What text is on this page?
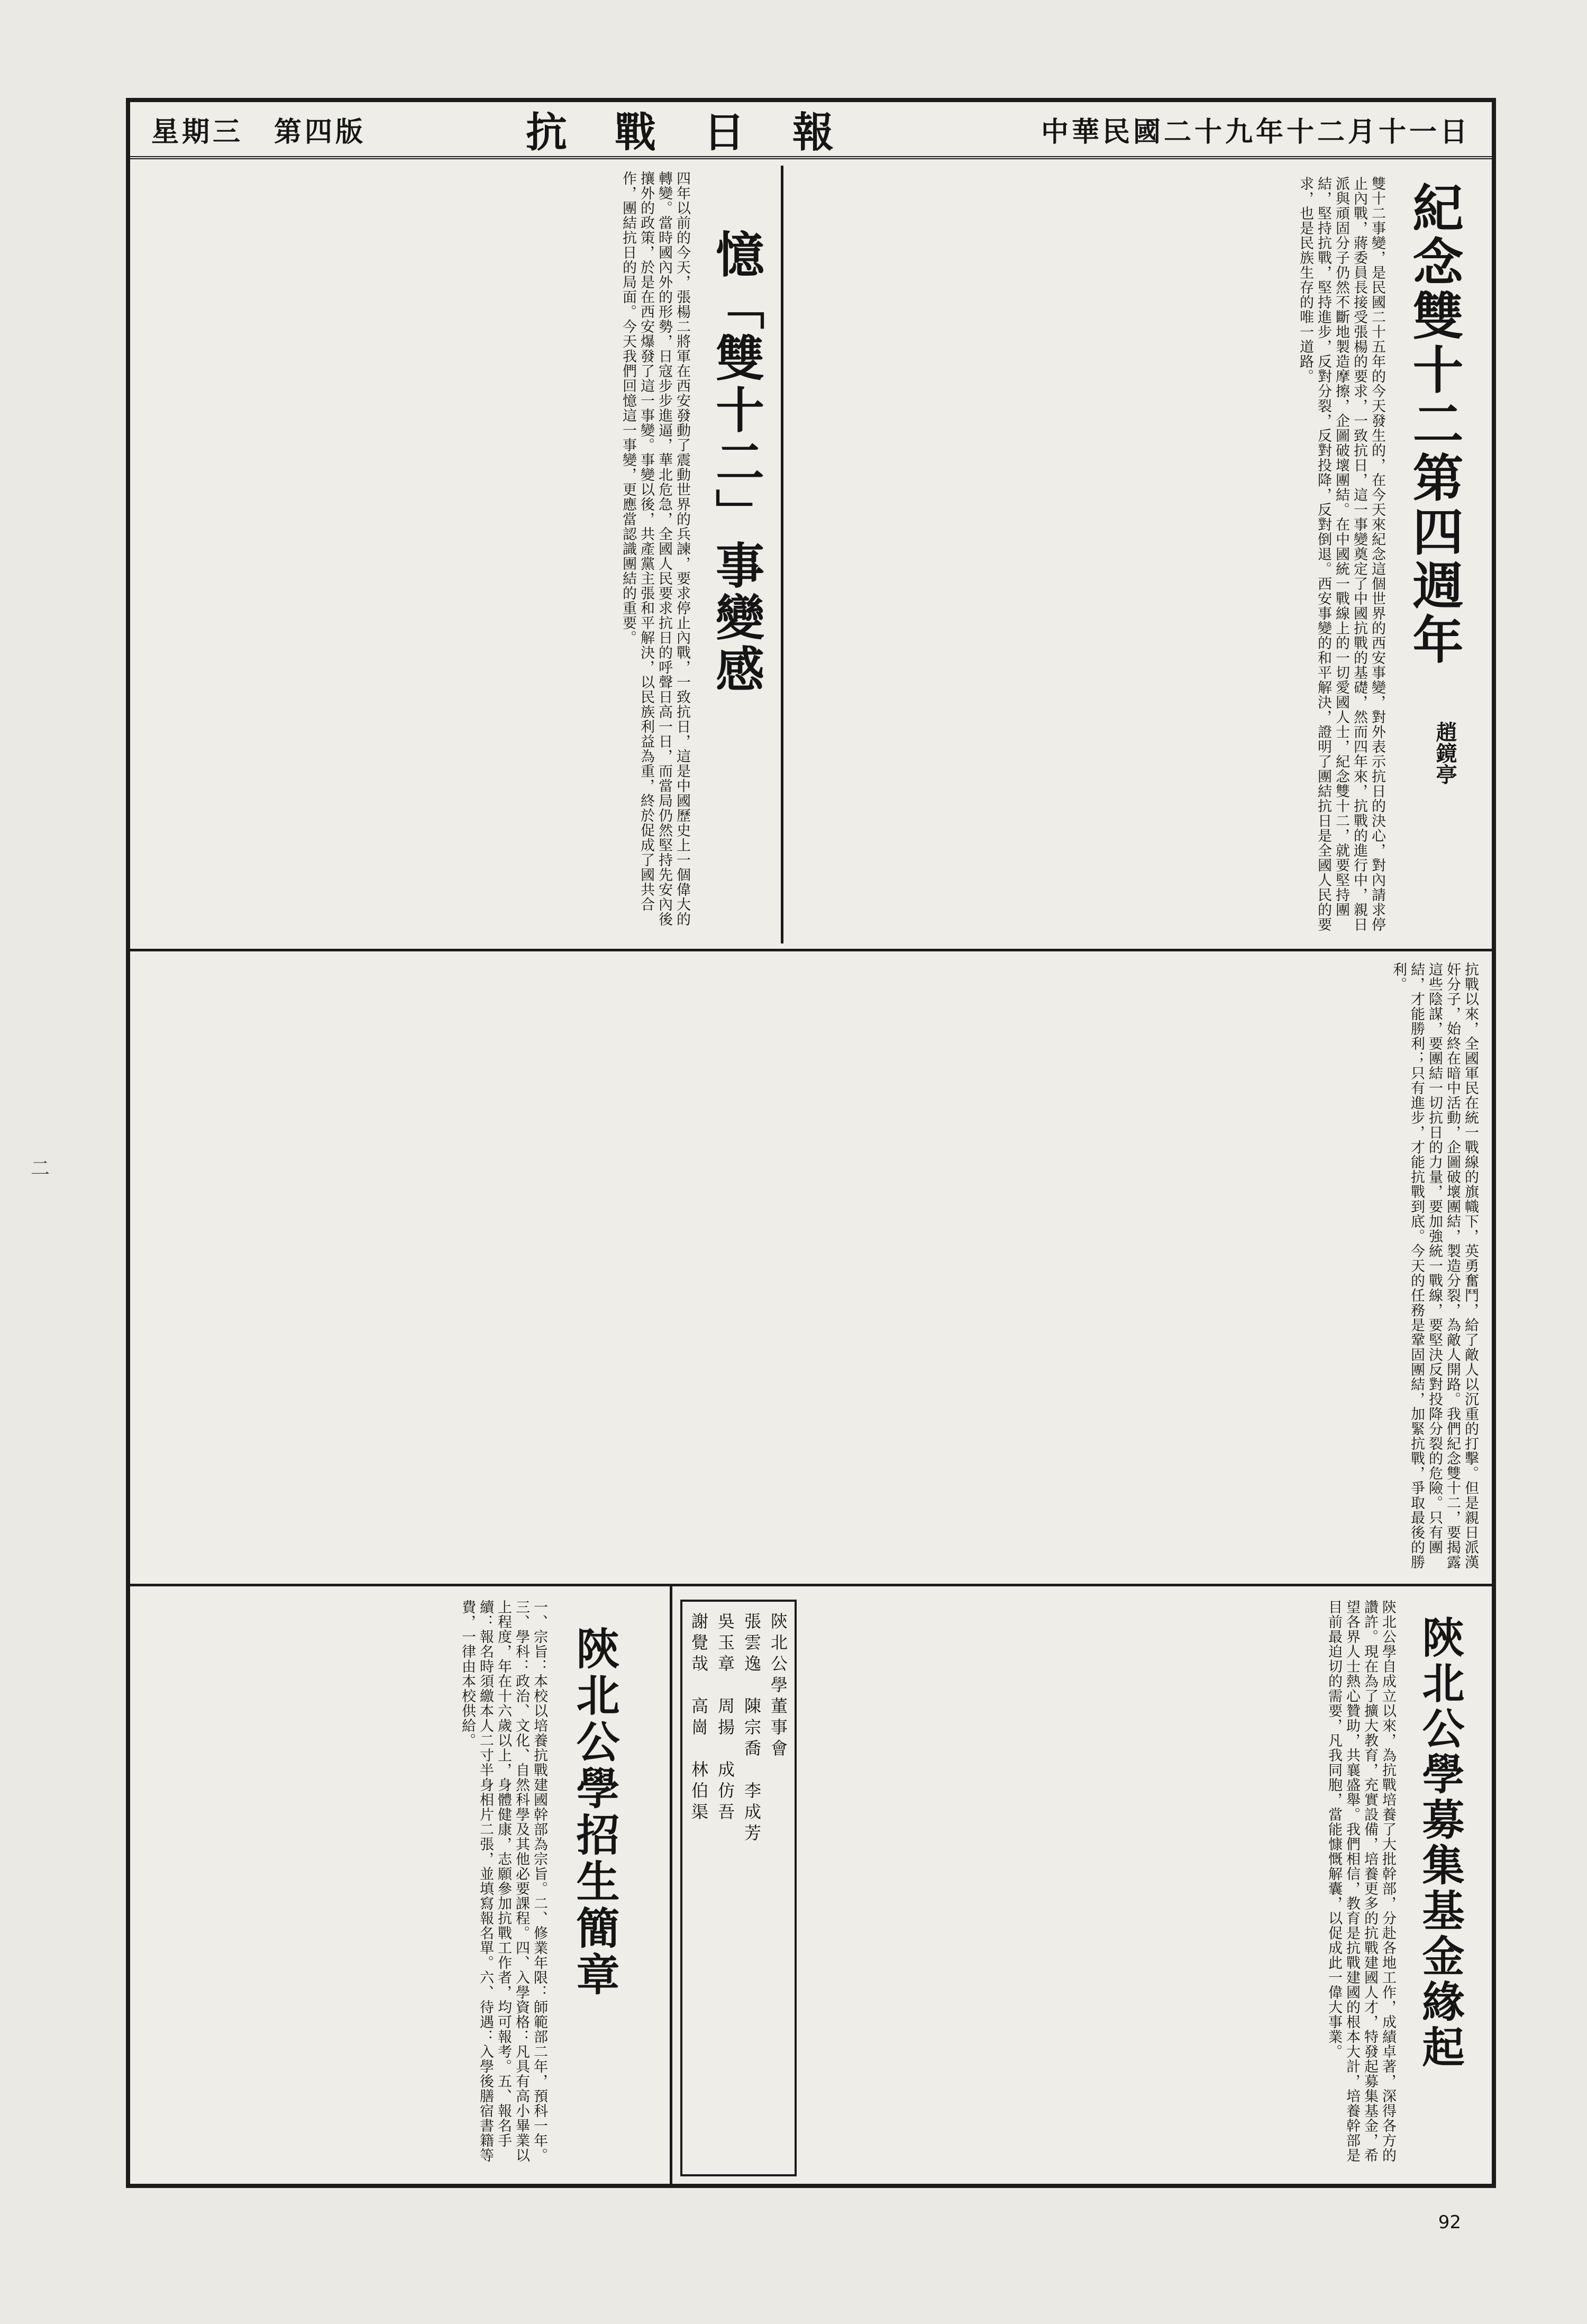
二
星期三　第四版	抗戰日報	中華民國二十九年十二月十一日
紀念雙十二第四週年
趙鏡亭
雙十二事變，是民國二十五年的今天發生的，在今天來紀念這個世界的西安事變，對外表示抗日的決心，對內請求停止內戰，蔣委員長接受張楊的要求，一致抗日，這一事變奠定了中國抗戰的基礎，然而四年來，抗戰的進行中，親日派與頑固分子仍然不斷地製造摩擦，企圖破壞團結。在中國統一戰線上的一切愛國人士，紀念雙十二，就要堅持團結，堅持抗戰，堅持進步，反對分裂，反對投降，反對倒退。西安事變的和平解決，證明了團結抗日是全國人民的要求，也是民族生存的唯一道路。
憶「雙十二」事變感
四年以前的今天，張楊二將軍在西安發動了震動世界的兵諫，要求停止內戰，一致抗日，這是中國歷史上一個偉大的轉變。當時國內外的形勢，日寇步步進逼，華北危急，全國人民要求抗日的呼聲日高一日，而當局仍然堅持先安內後攘外的政策，於是在西安爆發了這一事變。事變以後，共產黨主張和平解決，以民族利益為重，終於促成了國共合作，團結抗日的局面。今天我們回憶這一事變，更應當認識團結的重要。
抗戰以來，全國軍民在統一戰線的旗幟下，英勇奮鬥，給了敵人以沉重的打擊。但是親日派漢奸分子，始終在暗中活動，企圖破壞團結，製造分裂，為敵人開路。我們紀念雙十二，要揭露這些陰謀，要團結一切抗日的力量，要加強統一戰線，要堅決反對投降分裂的危險。只有團結，才能勝利；只有進步，才能抗戰到底。今天的任務是鞏固團結，加緊抗戰，爭取最後的勝利。
陝北公學募集基金緣起
陝北公學自成立以來，為抗戰培養了大批幹部，分赴各地工作，成績卓著，深得各方的讚許。現在為了擴大教育，充實設備，培養更多的抗戰建國人才，特發起募集基金，希望各界人士熱心贊助，共襄盛舉。我們相信，教育是抗戰建國的根本大計，培養幹部是目前最迫切的需要，凡我同胞，當能慷慨解囊，以促成此一偉大事業。
陝北公學董事會
張雲逸　陳宗喬　李成芳
吳玉章　周揚　成仿吾
謝覺哉　高崗　林伯渠
陝北公學招生簡章
一、宗旨：本校以培養抗戰建國幹部為宗旨。二、修業年限：師範部二年，預科一年。三、學科：政治、文化、自然科學及其他必要課程。四、入學資格：凡具有高小畢業以上程度，年在十六歲以上，身體健康，志願參加抗戰工作者，均可報考。五、報名手續：報名時須繳本人二寸半身相片二張，並填寫報名單。六、待遇：入學後膳宿書籍等費，一律由本校供給。
92
